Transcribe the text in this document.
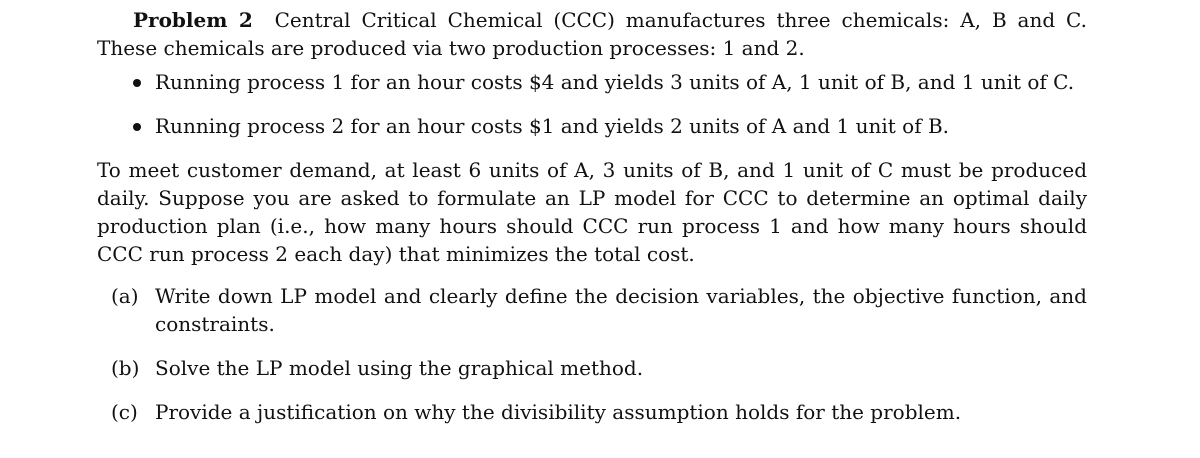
Problem 2 Central Critical Chemical (CCC) manufactures three chemicals: A, B and C. These chemicals are produced via two production processes: 1 and 2.

Running process 1 for an hour costs $4 and yields 3 units of A, 1 unit of B, and 1 unit of C.
Running process 2 for an hour costs $1 and yields 2 units of A and 1 unit of B.

To meet customer demand, at least 6 units of A, 3 units of B, and 1 unit of C must be produced daily. Suppose you are asked to formulate an LP model for CCC to determine an optimal daily production plan (i.e., how many hours should CCC run process 1 and how many hours should CCC run process 2 each day) that minimizes the total cost.

(a) Write down LP model and clearly define the decision variables, the objective function, and constraints.
(b) Solve the LP model using the graphical method.
(c) Provide a justification on why the divisibility assumption holds for the problem.
